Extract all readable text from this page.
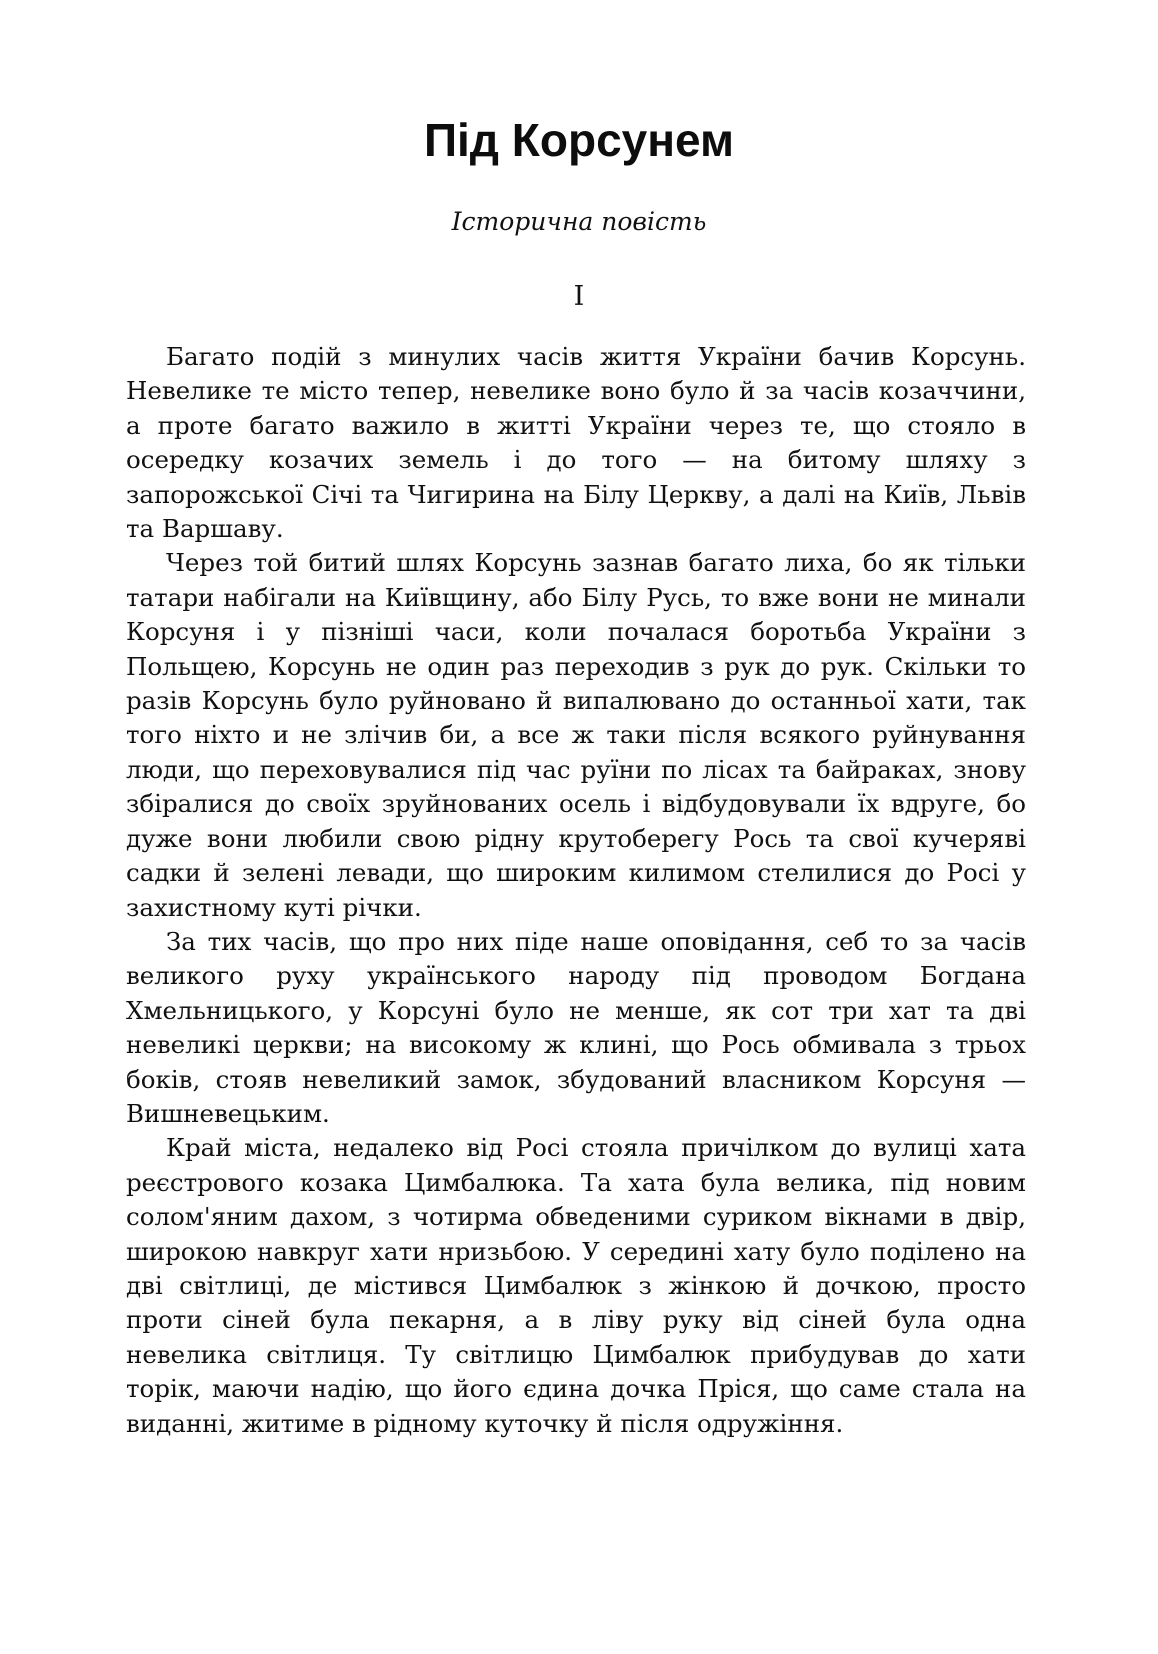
Під Корсунем
Історична повість
I

Багато подій з минулих часів життя України бачив Корсунь. Невелике те місто тепер, невелике воно було й за часів козаччини, а проте багато важило в житті України через те, що стояло в осередку козачих земель і до того — на битому шляху з запорожської Січі та Чигирина на Білу Церкву, а далі на Київ, Львів та Варшаву.

Через той битий шлях Корсунь зазнав багато лиха, бо як тільки татари набігали на Київщину, або Білу Русь, то вже вони не минали Корсуня і у пізніші часи, коли почалася боротьба України з Польщею, Корсунь не один раз переходив з рук до рук. Скільки то разів Корсунь було руйновано й випалювано до останньої хати, так того ніхто и не злічив би, а все ж таки після всякого руйнування люди, що переховувалися під час руїни по лісах та байраках, знову збіралися до своїх зруйнованих осель і відбудовували їх вдруге, бо дуже вони любили свою рідну крутоберегу Рось та свої кучеряві садки й зелені левади, що широким килимом стелилися до Росі у захистному куті річки.

За тих часів, що про них піде наше оповідання, себ то за часів великого руху українського народу під проводом Богдана Хмельницького, у Корсуні було не менше, як сот три хат та дві невеликі церкви; на високому ж клині, що Рось обмивала з трьох боків, стояв невеликий замок, збудований власником Корсуня — Вишневецьким.

Край міста, недалеко від Росі стояла причілком до вулиці хата реєстрового козака Цимбалюка. Та хата була велика, під новим солом'яним дахом, з чотирма обведеними суриком вікнами в двір, широкою навкруг хати нризьбою. У середині хату було поділено на дві світлиці, де містився Цимбалюк з жінкою й дочкою, просто проти сіней була пекарня, а в ліву руку від сіней була одна невелика світлиця. Ту світлицю Цимбалюк прибудував до хати торік, маючи надію, що його єдина дочка Пріся, що саме стала на виданні, житиме в рідному куточку й після одружіння.
